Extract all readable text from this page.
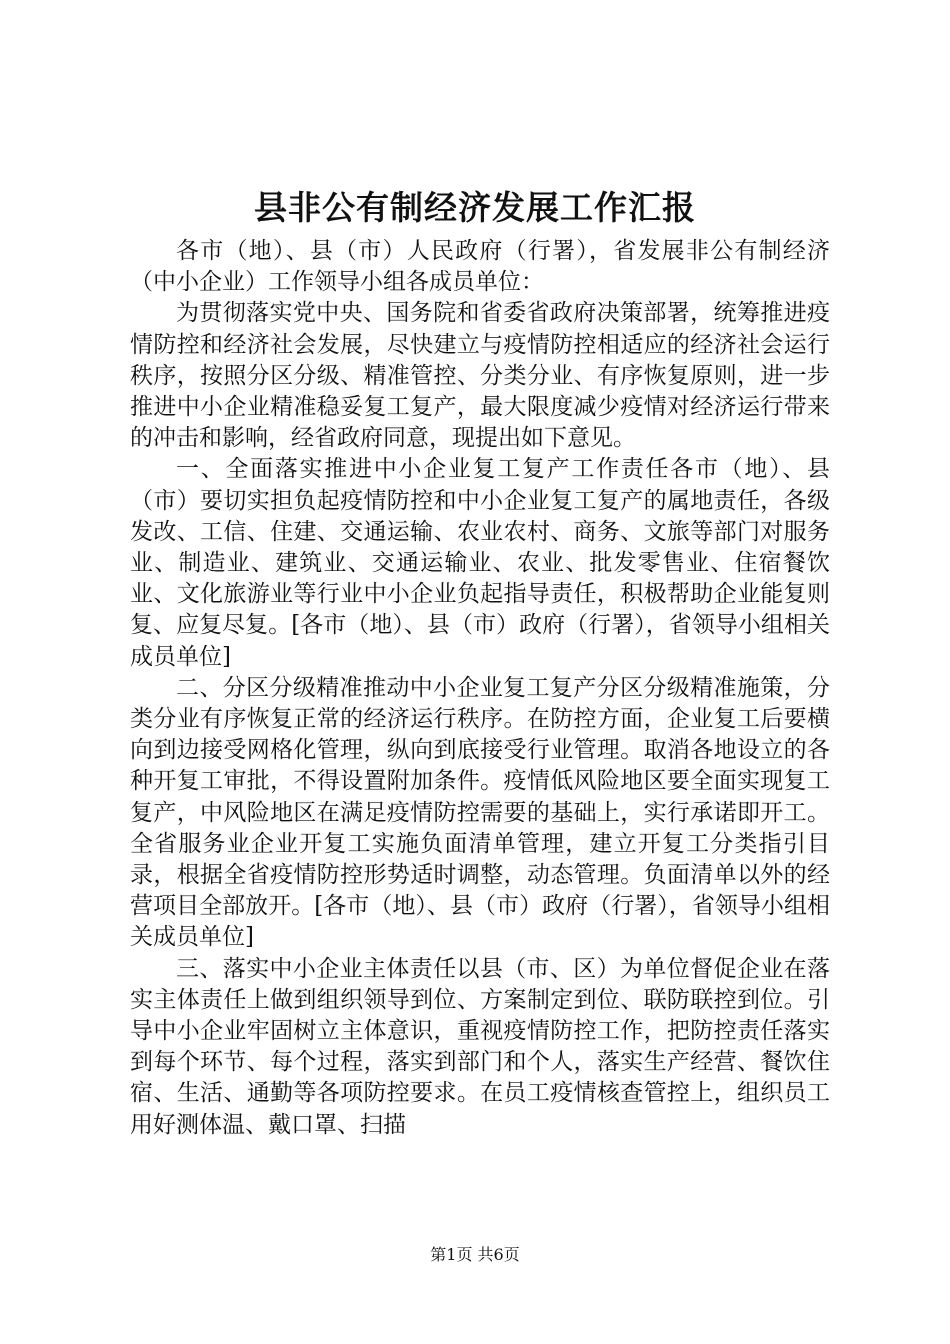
县非公有制经济发展工作汇报

各市（地）、县（市）人民政府（行署），省发展非公有制经济（中小企业）工作领导小组各成员单位：

为贯彻落实党中央、国务院和省委省政府决策部署，统筹推进疫情防控和经济社会发展，尽快建立与疫情防控相适应的经济社会运行秩序，按照分区分级、精准管控、分类分业、有序恢复原则，进一步推进中小企业精准稳妥复工复产，最大限度减少疫情对经济运行带来的冲击和影响，经省政府同意，现提出如下意见。

一、全面落实推进中小企业复工复产工作责任各市（地）、县（市）要切实担负起疫情防控和中小企业复工复产的属地责任，各级发改、工信、住建、交通运输、农业农村、商务、文旅等部门对服务业、制造业、建筑业、交通运输业、农业、批发零售业、住宿餐饮业、文化旅游业等行业中小企业负起指导责任，积极帮助企业能复则复、应复尽复。[各市（地）、县（市）政府（行署），省领导小组相关成员单位]

二、分区分级精准推动中小企业复工复产分区分级精准施策，分类分业有序恢复正常的经济运行秩序。在防控方面，企业复工后要横向到边接受网格化管理，纵向到底接受行业管理。取消各地设立的各种开复工审批，不得设置附加条件。疫情低风险地区要全面实现复工复产，中风险地区在满足疫情防控需要的基础上，实行承诺即开工。全省服务业企业开复工实施负面清单管理，建立开复工分类指引目录，根据全省疫情防控形势适时调整，动态管理。负面清单以外的经营项目全部放开。[各市（地）、县（市）政府（行署），省领导小组相关成员单位]

三、落实中小企业主体责任以县（市、区）为单位督促企业在落实主体责任上做到组织领导到位、方案制定到位、联防联控到位。引导中小企业牢固树立主体意识，重视疫情防控工作，把防控责任落实到每个环节、每个过程，落实到部门和个人，落实生产经营、餐饮住宿、生活、通勤等各项防控要求。在员工疫情核查管控上，组织员工用好测体温、戴口罩、扫描

第1页 共6页
